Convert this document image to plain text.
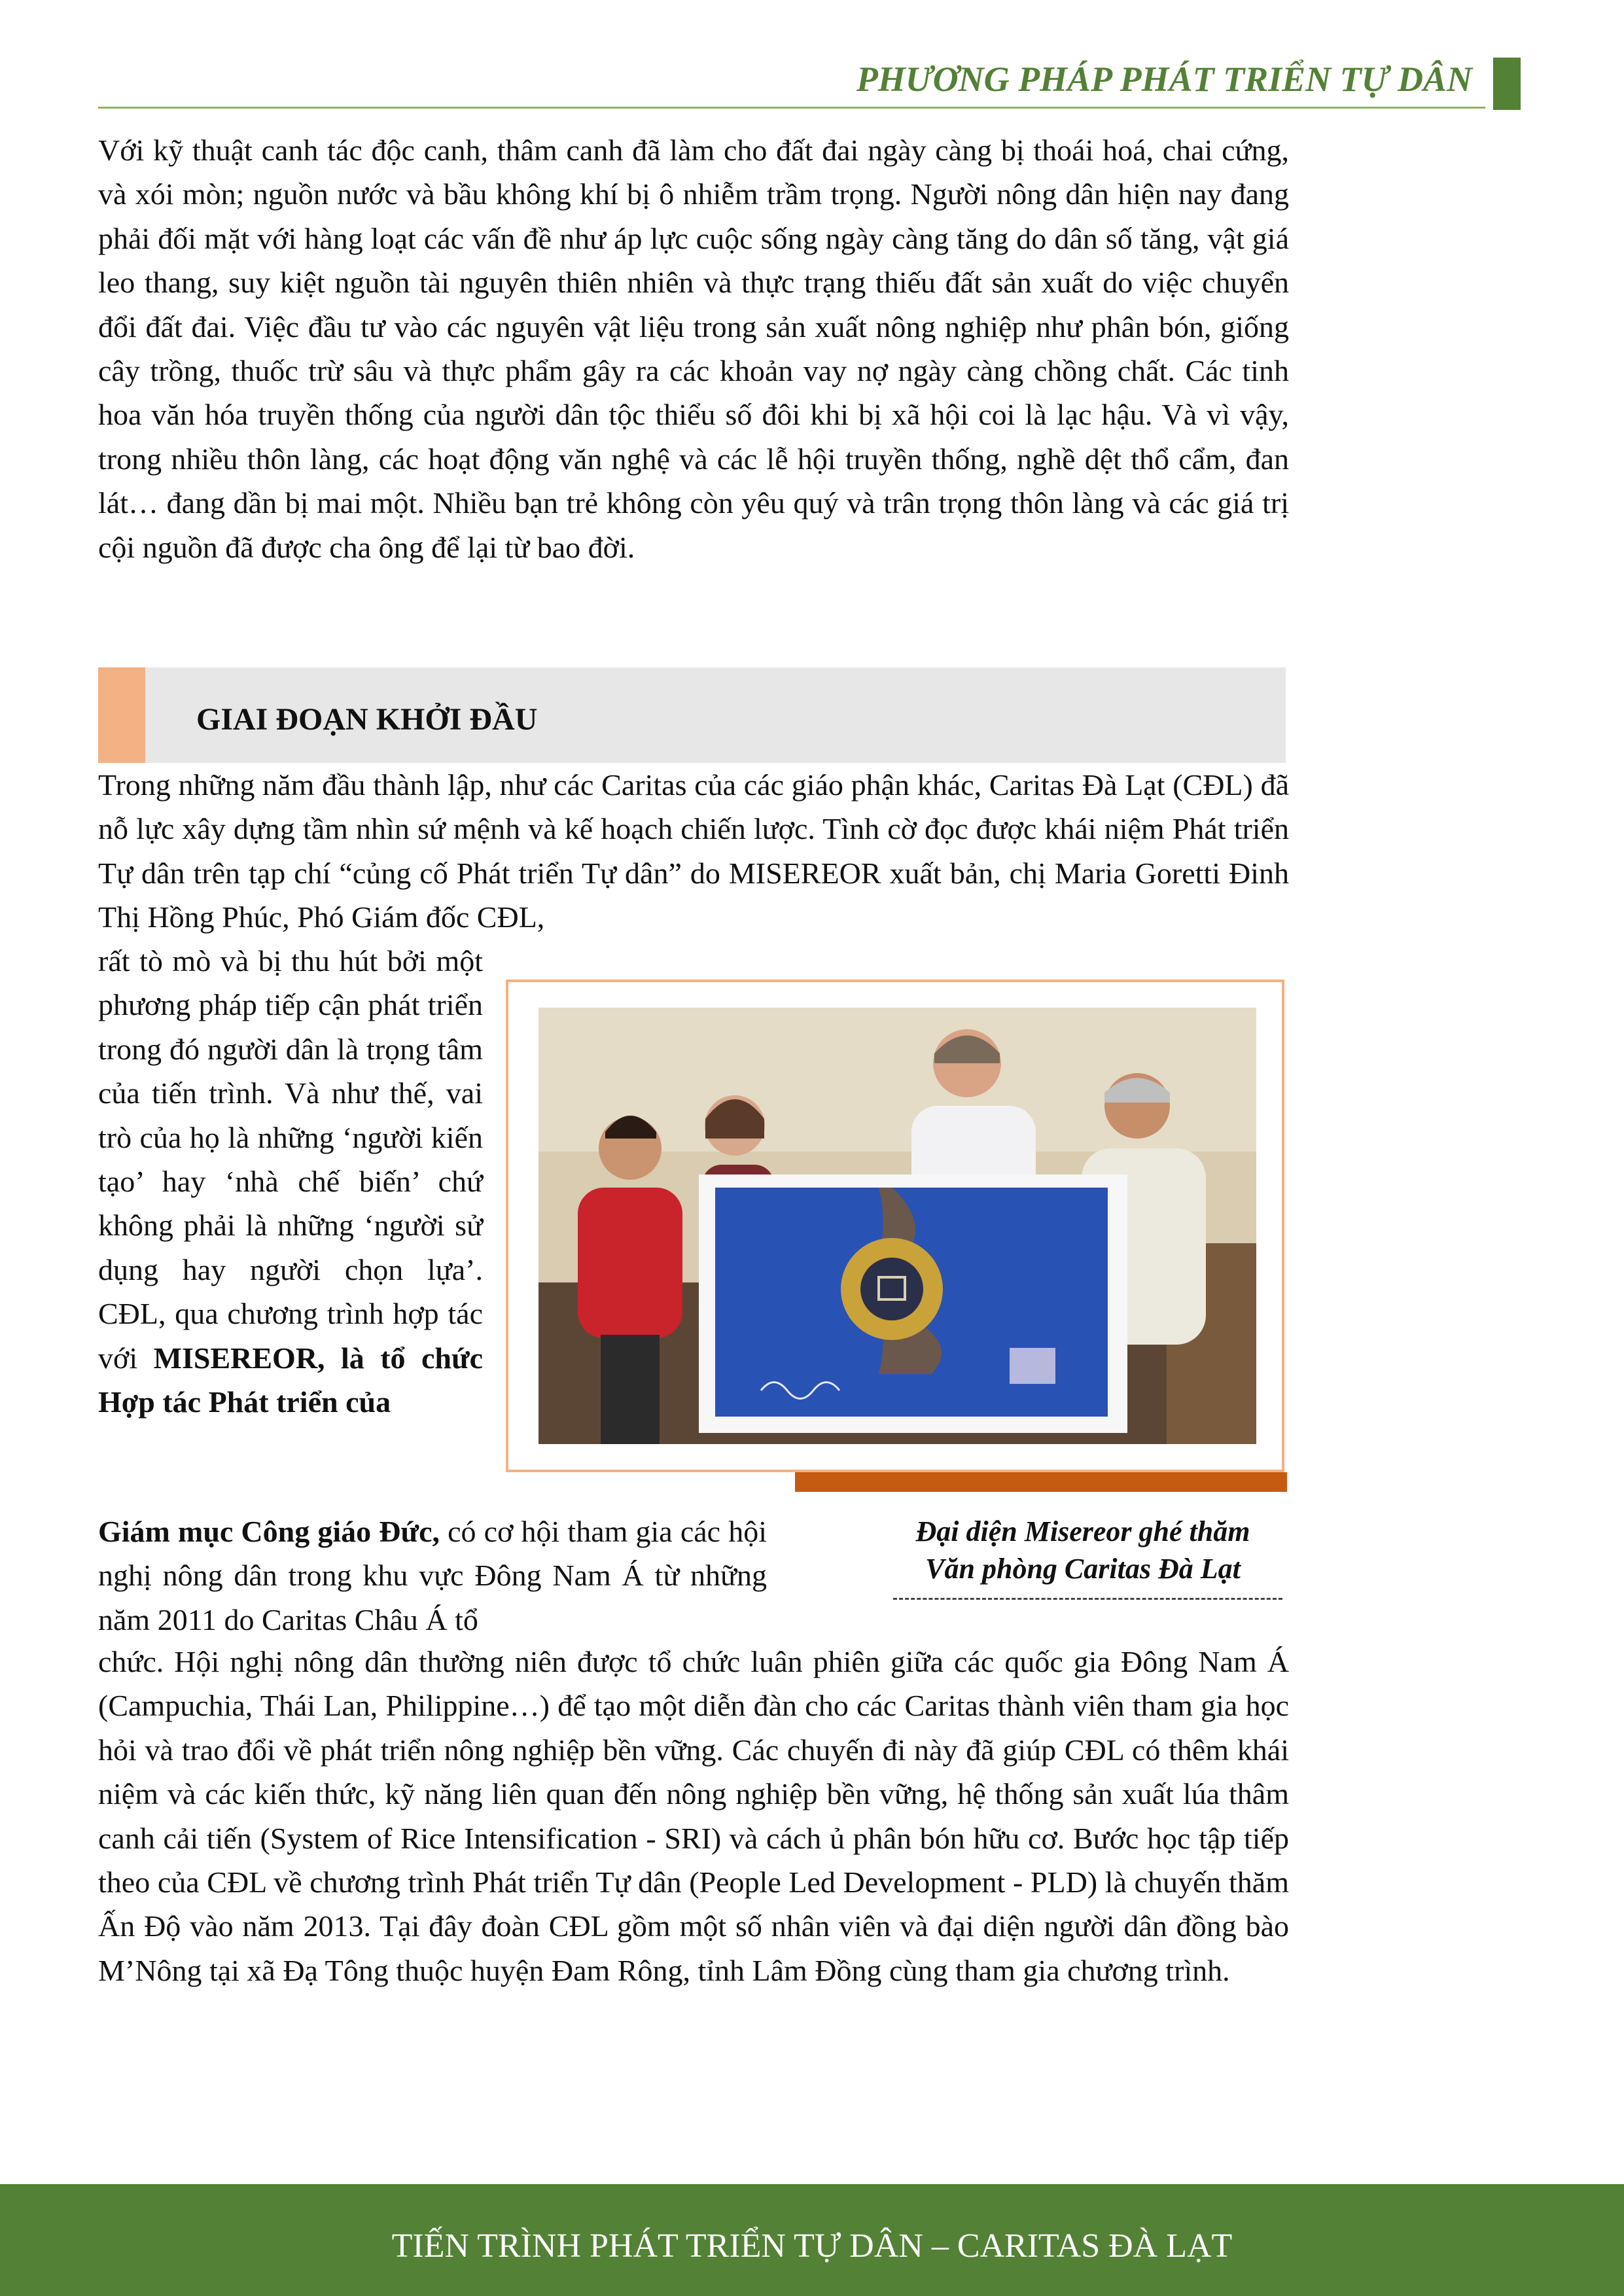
PHƯƠNG PHÁP PHÁT TRIỂN TỰ DÂN

Với kỹ thuật canh tác độc canh, thâm canh đã làm cho đất đai ngày càng bị thoái hoá, chai cứng, và xói mòn; nguồn nước và bầu không khí bị ô nhiễm trầm trọng. Người nông dân hiện nay đang phải đối mặt với hàng loạt các vấn đề như áp lực cuộc sống ngày càng tăng do dân số tăng, vật giá leo thang, suy kiệt nguồn tài nguyên thiên nhiên và thực trạng thiếu đất sản xuất do việc chuyển đổi đất đai. Việc đầu tư vào các nguyên vật liệu trong sản xuất nông nghiệp như phân bón, giống cây trồng, thuốc trừ sâu và thực phẩm gây ra các khoản vay nợ ngày càng chồng chất. Các tinh hoa văn hóa truyền thống của người dân tộc thiểu số đôi khi bị xã hội coi là lạc hậu. Và vì vậy, trong nhiều thôn làng, các hoạt động văn nghệ và các lễ hội truyền thống, nghề dệt thổ cẩm, đan lát… đang dần bị mai một. Nhiều bạn trẻ không còn yêu quý và trân trọng thôn làng và các giá trị cội nguồn đã được cha ông để lại từ bao đời.

GIAI ĐOẠN KHỞI ĐẦU

Trong những năm đầu thành lập, như các Caritas của các giáo phận khác, Caritas Đà Lạt (CĐL) đã nỗ lực xây dựng tầm nhìn sứ mệnh và kế hoạch chiến lược. Tình cờ đọc được khái niệm Phát triển Tự dân trên tạp chí “củng cố Phát triển Tự dân” do MISEREOR xuất bản, chị Maria Goretti Đinh Thị Hồng Phúc, Phó Giám đốc CĐL,

rất tò mò và bị thu hút bởi một phương pháp tiếp cận phát triển trong đó người dân là trọng tâm của tiến trình. Và như thế, vai trò của họ là những ‘người kiến tạo’ hay ‘nhà chế biến’ chứ không phải là những ‘người sử dụng hay người chọn lựa’. CĐL, qua chương trình hợp tác với MISEREOR, là tổ chức Hợp tác Phát triển của

Giám mục Công giáo Đức, có cơ hội tham gia các hội nghị nông dân trong khu vực Đông Nam Á từ những năm 2011 do Caritas Châu Á tổ

Đại diện Misereor ghé thăm
Văn phòng Caritas Đà Lạt

chức. Hội nghị nông dân thường niên được tổ chức luân phiên giữa các quốc gia Đông Nam Á (Campuchia, Thái Lan, Philippine…) để tạo một diễn đàn cho các Caritas thành viên tham gia học hỏi và trao đổi về phát triển nông nghiệp bền vững. Các chuyến đi này đã giúp CĐL có thêm khái niệm và các kiến thức, kỹ năng liên quan đến nông nghiệp bền vững, hệ thống sản xuất lúa thâm canh cải tiến (System of Rice Intensification - SRI) và cách ủ phân bón hữu cơ. Bước học tập tiếp theo của CĐL về chương trình Phát triển Tự dân (People Led Development - PLD) là chuyến thăm Ấn Độ vào năm 2013. Tại đây đoàn CĐL gồm một số nhân viên và đại diện người dân đồng bào M’Nông tại xã Đạ Tông thuộc huyện Đam Rông, tỉnh Lâm Đồng cùng tham gia chương trình.

TIẾN TRÌNH PHÁT TRIỂN TỰ DÂN – CARITAS ĐÀ LẠT
